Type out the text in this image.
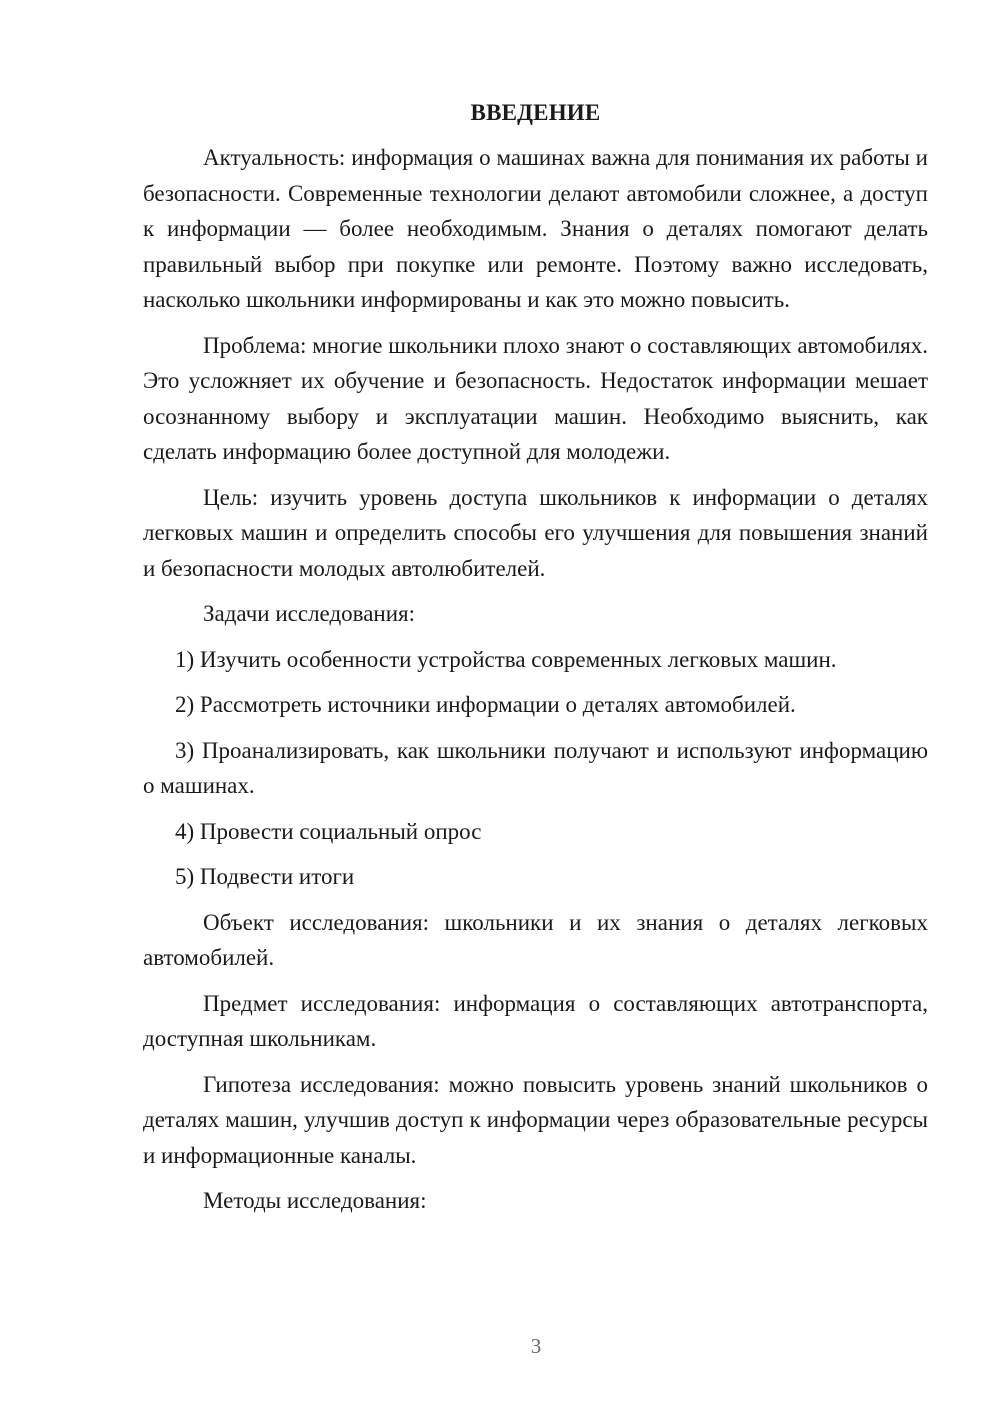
ВВЕДЕНИЕ

Актуальность: информация о машинах важна для понимания их работы и безопасности. Современные технологии делают автомобили сложнее, а доступ к информации — более необходимым. Знания о деталях помогают делать правильный выбор при покупке или ремонте. Поэтому важно исследовать, насколько школьники информированы и как это можно повысить.

Проблема: многие школьники плохо знают о составляющих автомобилях. Это усложняет их обучение и безопасность. Недостаток информации мешает осознанному выбору и эксплуатации машин. Необходимо выяснить, как сделать информацию более доступной для молодежи.

Цель: изучить уровень доступа школьников к информации о деталях легковых машин и определить способы его улучшения для повышения знаний и безопасности молодых автолюбителей.

Задачи исследования:

1) Изучить особенности устройства современных легковых машин.

2) Рассмотреть источники информации о деталях автомобилей.

3) Проанализировать, как школьники получают и используют информацию о машинах.

4) Провести социальный опрос

5) Подвести итоги

Объект исследования: школьники и их знания о деталях легковых автомобилей.

Предмет исследования: информация о составляющих автотранспорта, доступная школьникам.

Гипотеза исследования: можно повысить уровень знаний школьников о деталях машин, улучшив доступ к информации через образовательные ресурсы и информационные каналы.

Методы исследования:

3
